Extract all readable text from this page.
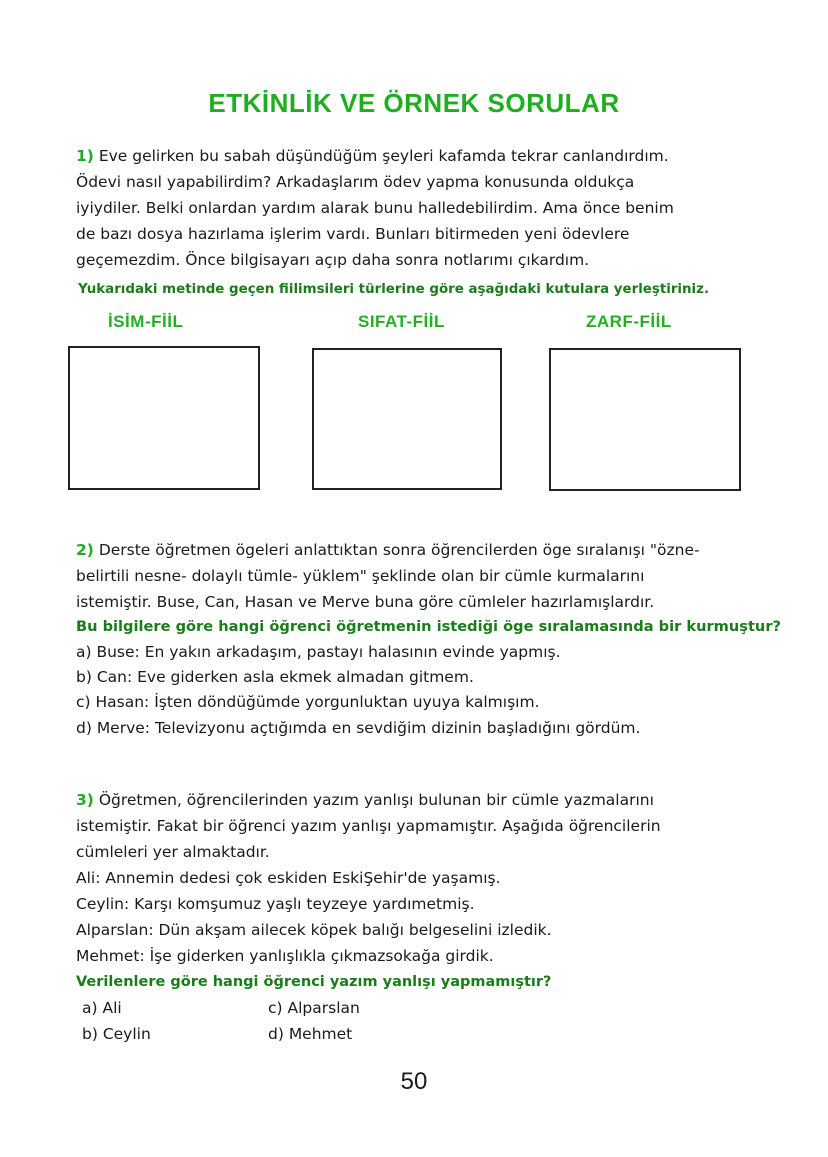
ETKİNLİK VE ÖRNEK SORULAR
1) Eve gelirken bu sabah düşündüğüm şeyleri kafamda tekrar canlandırdım.
Ödevi nasıl yapabilirdim? Arkadaşlarım ödev yapma konusunda oldukça
iyiydiler. Belki onlardan yardım alarak bunu halledebilirdim. Ama önce benim
de bazı dosya hazırlama işlerim vardı. Bunları bitirmeden yeni ödevlere
geçemezdim. Önce bilgisayarı açıp daha sonra notlarımı çıkardım.
Yukarıdaki metinde geçen fiilimsileri türlerine göre aşağıdaki kutulara yerleştiriniz.
İSİM-FİİL	SIFAT-FİİL	ZARF-FİİL
2) Derste öğretmen ögeleri anlattıktan sonra öğrencilerden öge sıralanışı "özne-
belirtili nesne- dolaylı tümle- yüklem" şeklinde olan bir cümle kurmalarını
istemiştir. Buse, Can, Hasan ve Merve buna göre cümleler hazırlamışlardır.
Bu bilgilere göre hangi öğrenci öğretmenin istediği öge sıralamasında bir kurmuştur?
a) Buse: En yakın arkadaşım, pastayı halasının evinde yapmış.
b) Can: Eve giderken asla ekmek almadan gitmem.
c) Hasan: İşten döndüğümde yorgunluktan uyuya kalmışım.
d) Merve: Televizyonu açtığımda en sevdiğim dizinin başladığını gördüm.
3) Öğretmen, öğrencilerinden yazım yanlışı bulunan bir cümle yazmalarını
istemiştir. Fakat bir öğrenci yazım yanlışı yapmamıştır. Aşağıda öğrencilerin
cümleleri yer almaktadır.
Ali: Annemin dedesi çok eskiden EskiŞehir'de yaşamış.
Ceylin: Karşı komşumuz yaşlı teyzeye yardımetmiş.
Alparslan: Dün akşam ailecek köpek balığı belgeselini izledik.
Mehmet: İşe giderken yanlışlıkla çıkmazsokağa girdik.
Verilenlere göre hangi öğrenci yazım yanlışı yapmamıştır?
a) Ali	c) Alparslan
b) Ceylin	d) Mehmet
50
